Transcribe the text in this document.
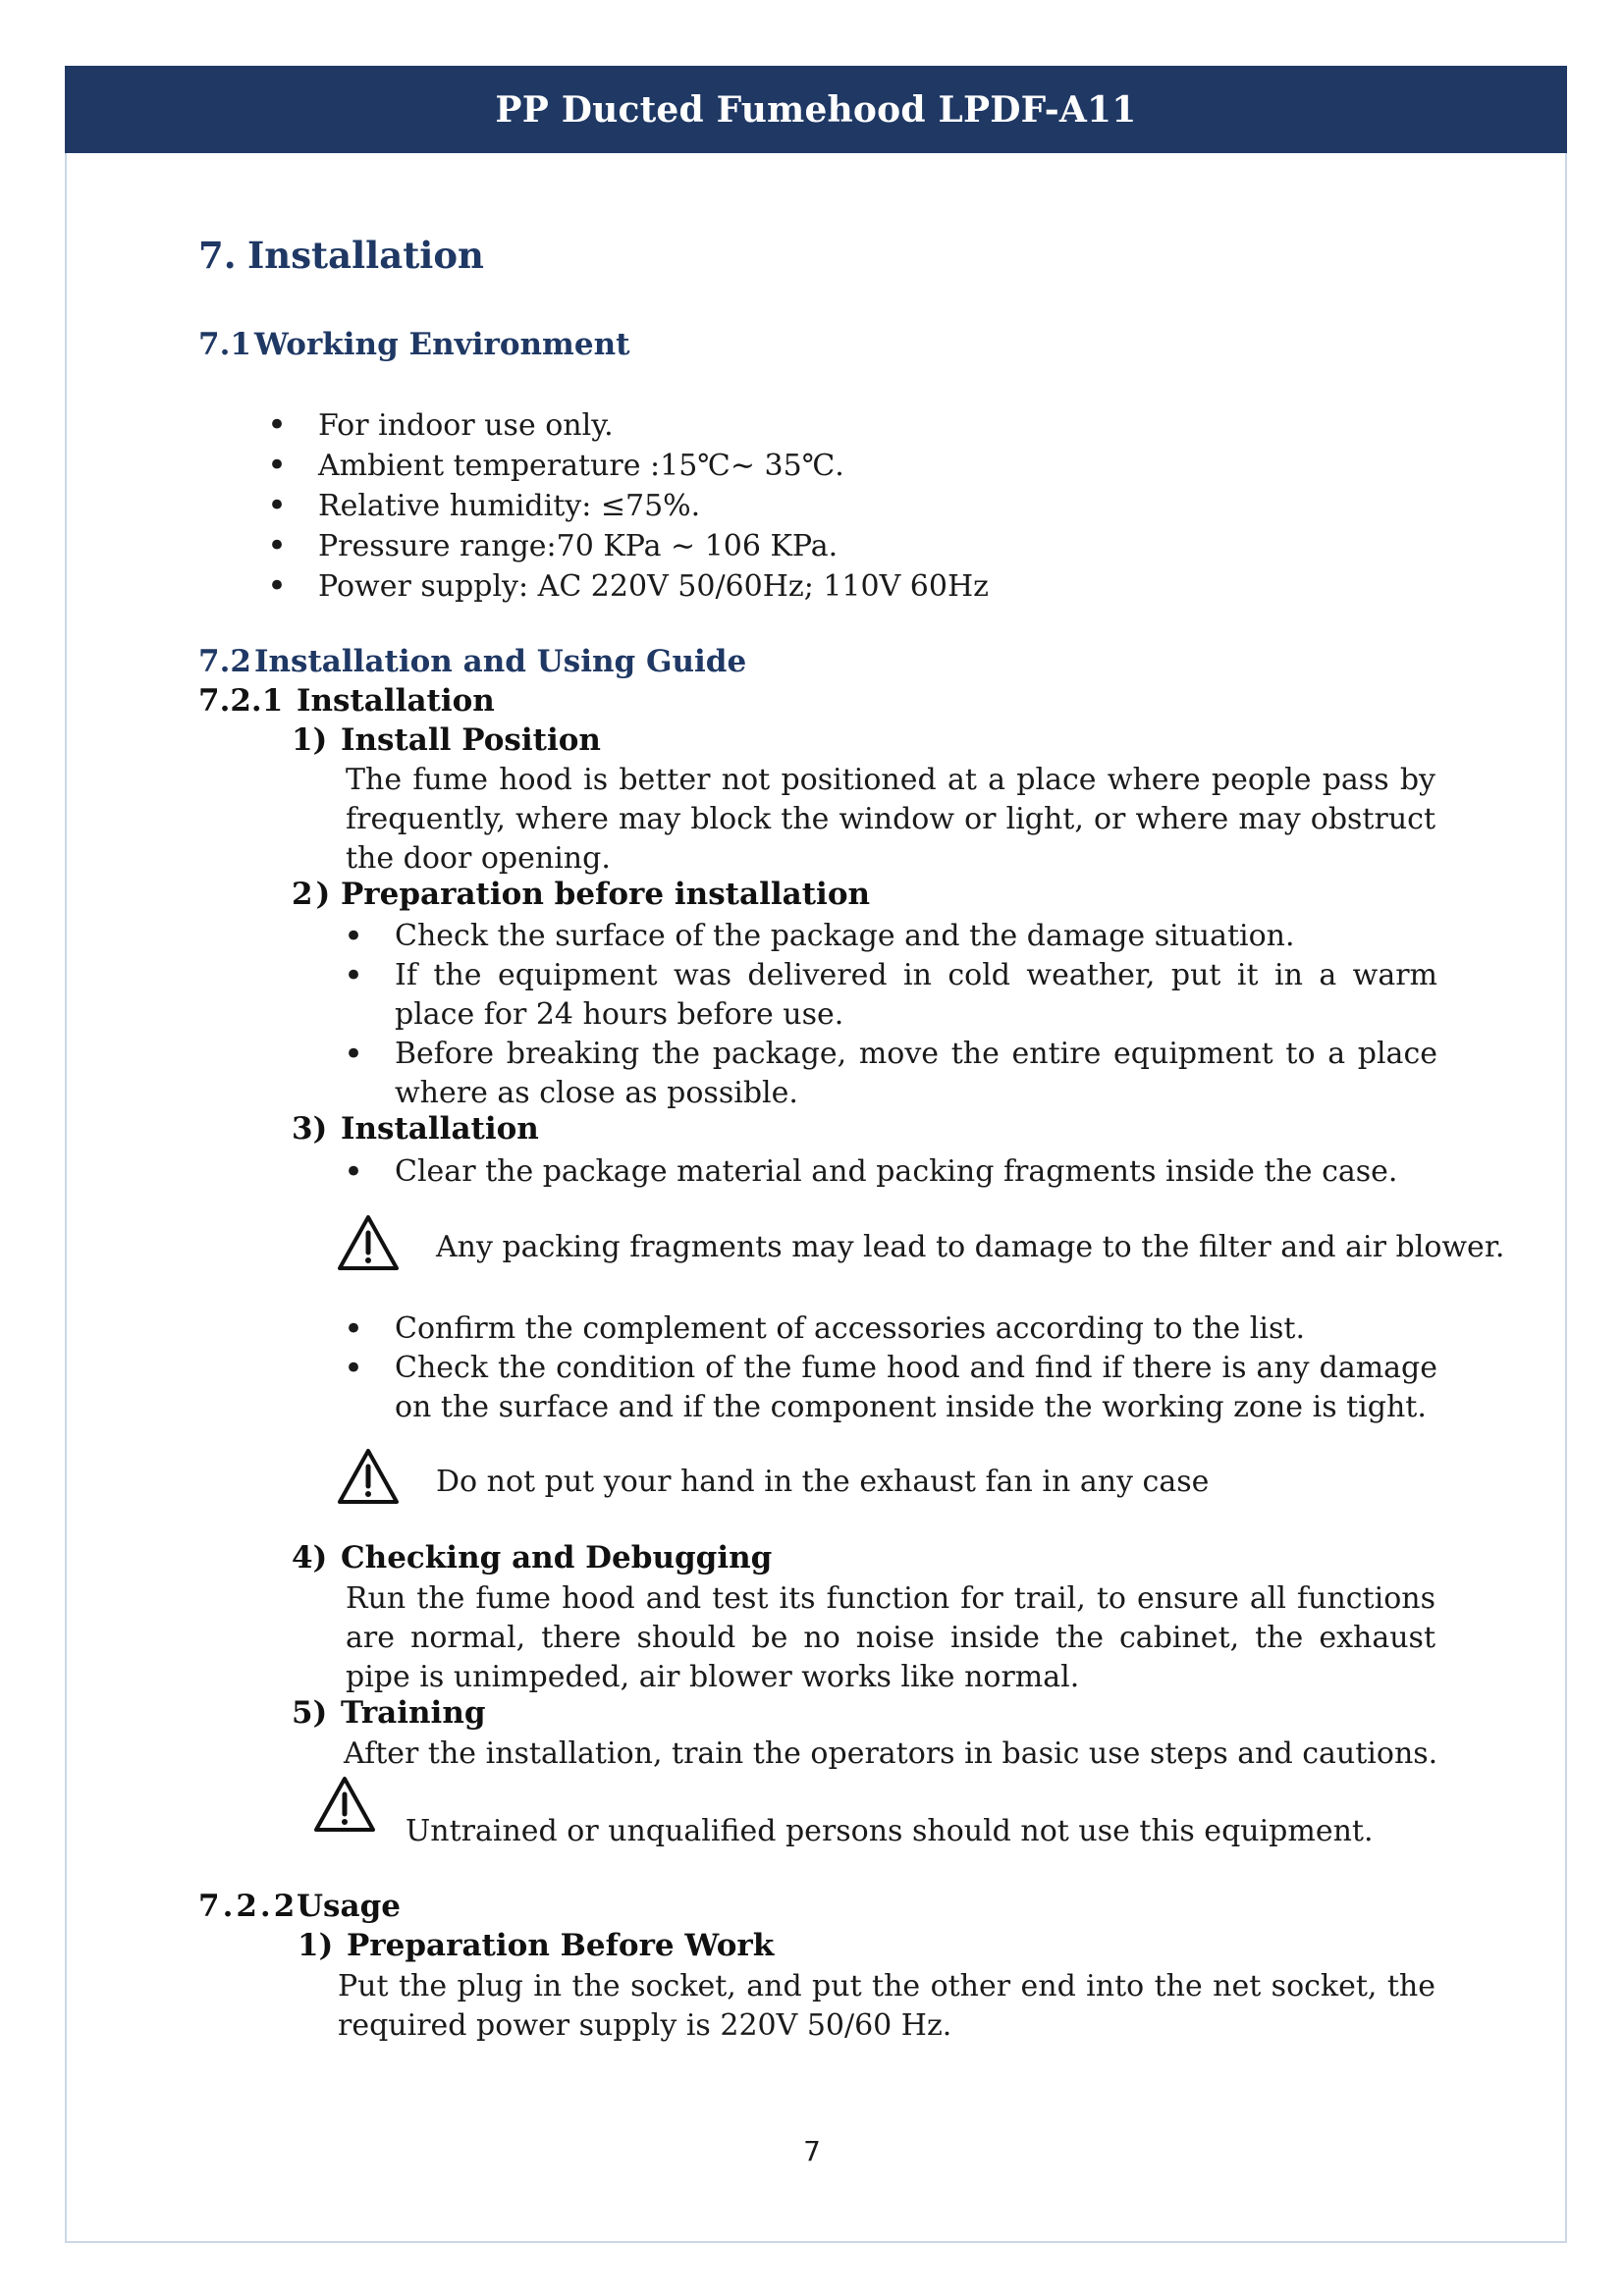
PP Ducted Fumehood LPDF-A11
7. Installation
7.1Working Environment
• For indoor use only.
• Ambient temperature :15℃∼ 35℃.
• Relative humidity: ≤75%.
• Pressure range:70 KPa ∼ 106 KPa.
• Power supply: AC 220V 50/60Hz; 110V 60Hz
7.2Installation and Using Guide
7.2.1 Installation
1) Install Position
The fume hood is better not positioned at a place where people pass by frequently, where may block the window or light, or where may obstruct the door opening.
2 ) Preparation before installation
• Check the surface of the package and the damage situation.
• If the equipment was delivered in cold weather, put it in a warm place for 24 hours before use.
• Before breaking the package, move the entire equipment to a place where as close as possible.
3) Installation
• Clear the package material and packing fragments inside the case.
Any packing fragments may lead to damage to the filter and air blower.
• Confirm the complement of accessories according to the list.
• Check the condition of the fume hood and find if there is any damage on the surface and if the component inside the working zone is tight.
Do not put your hand in the exhaust fan in any case
4) Checking and Debugging
Run the fume hood and test its function for trail, to ensure all functions are normal, there should be no noise inside the cabinet, the exhaust pipe is unimpeded, air blower works like normal.
5) Training
After the installation, train the operators in basic use steps and cautions.
Untrained or unqualified persons should not use this equipment.
7.2.2Usage
1) Preparation Before Work
Put the plug in the socket, and put the other end into the net socket, the required power supply is 220V 50/60 Hz.
7
